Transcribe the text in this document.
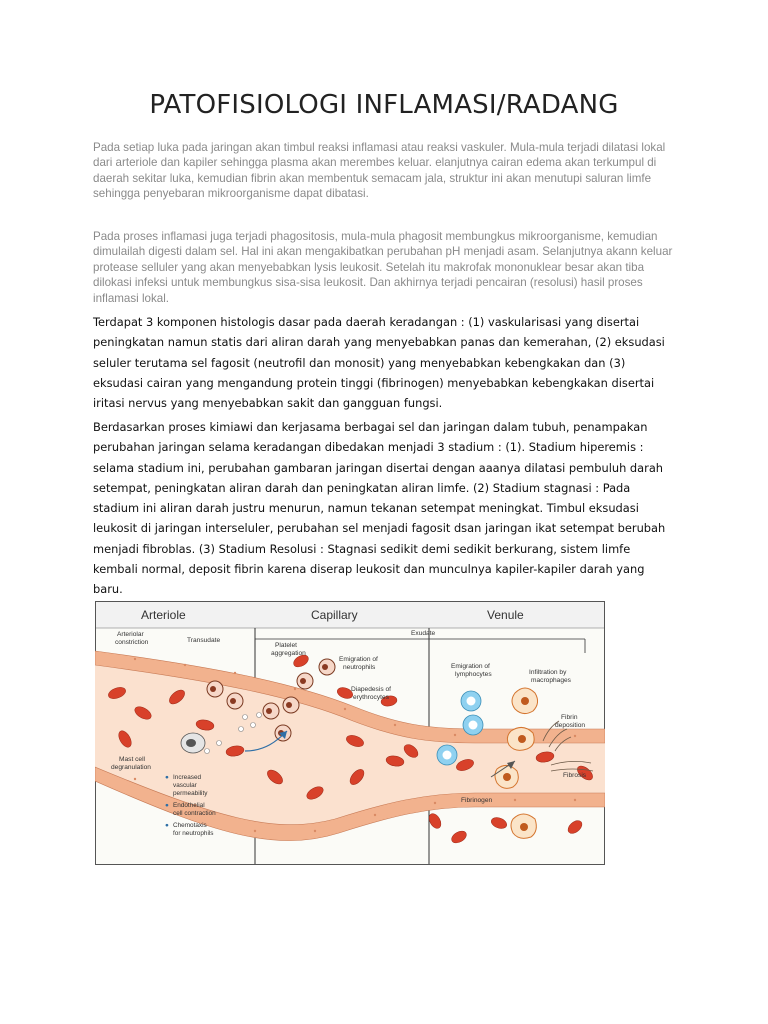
PATOFISIOLOGI INFLAMASI/RADANG
Pada setiap luka pada jaringan akan timbul reaksi inflamasi atau reaksi vaskuler. Mula-mula terjadi dilatasi lokal dari arteriole dan kapiler sehingga plasma akan merembes keluar. elanjutnya cairan edema akan terkumpul di daerah sekitar luka, kemudian fibrin akan membentuk semacam jala, struktur ini akan menutupi saluran limfe sehingga penyebaran mikroorganisme dapat dibatasi.
Pada proses inflamasi juga terjadi phagositosis, mula-mula phagosit membungkus mikroorganisme, kemudian dimulailah digesti dalam sel. Hal ini akan mengakibatkan perubahan pH menjadi asam. Selanjutnya akann keluar protease selluler yang akan menyebabkan lysis leukosit. Setelah itu makrofak mononuklear besar akan tiba dilokasi infeksi untuk membungkus sisa-sisa leukosit. Dan akhirnya terjadi pencairan (resolusi) hasil proses inflamasi lokal.
Terdapat 3 komponen histologis dasar pada daerah keradangan : (1) vaskularisasi yang disertai peningkatan namun statis dari aliran darah yang menyebabkan panas dan kemerahan, (2) eksudasi seluler terutama sel fagosit (neutrofil dan monosit) yang menyebabkan kebengkakan dan (3) eksudasi cairan yang mengandung protein tinggi (fibrinogen) menyebabkan kebengkakan disertai iritasi nervus yang menyebabkan sakit dan gangguan fungsi.
Berdasarkan proses kimiawi dan kerjasama berbagai sel dan jaringan dalam tubuh, penampakan perubahan jaringan selama keradangan dibedakan menjadi 3 stadium : (1). Stadium hiperemis : selama stadium ini, perubahan gambaran jaringan disertai dengan aaanya dilatasi pembuluh darah setempat, peningkatan aliran darah dan peningkatan aliran limfe. (2) Stadium stagnasi : Pada stadium ini aliran darah justru menurun, namun tekanan setempat meningkat. Timbul eksudasi leukosit di jaringan interseluler, perubahan sel menjadi fagosit dsan jaringan ikat setempat berubah menjadi fibroblas. (3) Stadium Resolusi : Stagnasi sedikit demi sedikit berkurang, sistem limfe kembali normal, deposit fibrin karena diserap leukosit dan munculnya kapiler-kapiler darah yang baru.
Arteriole	Capillary	Venule
Arteriolar
constriction	Transudate
Exudate
Platelet
aggregation
Emigration of
neutrophils
Diapedesis of
erythrocytes
Emigration of
lymphocytes	Infiltration by
macrophages
Fibrin
deposition
Fibrosis
Fibrinogen
Mast cell
degranulation
● Increased
vascular
permeability
● Endothelial
cell contraction
● Chemotaxis
for neutrophils
